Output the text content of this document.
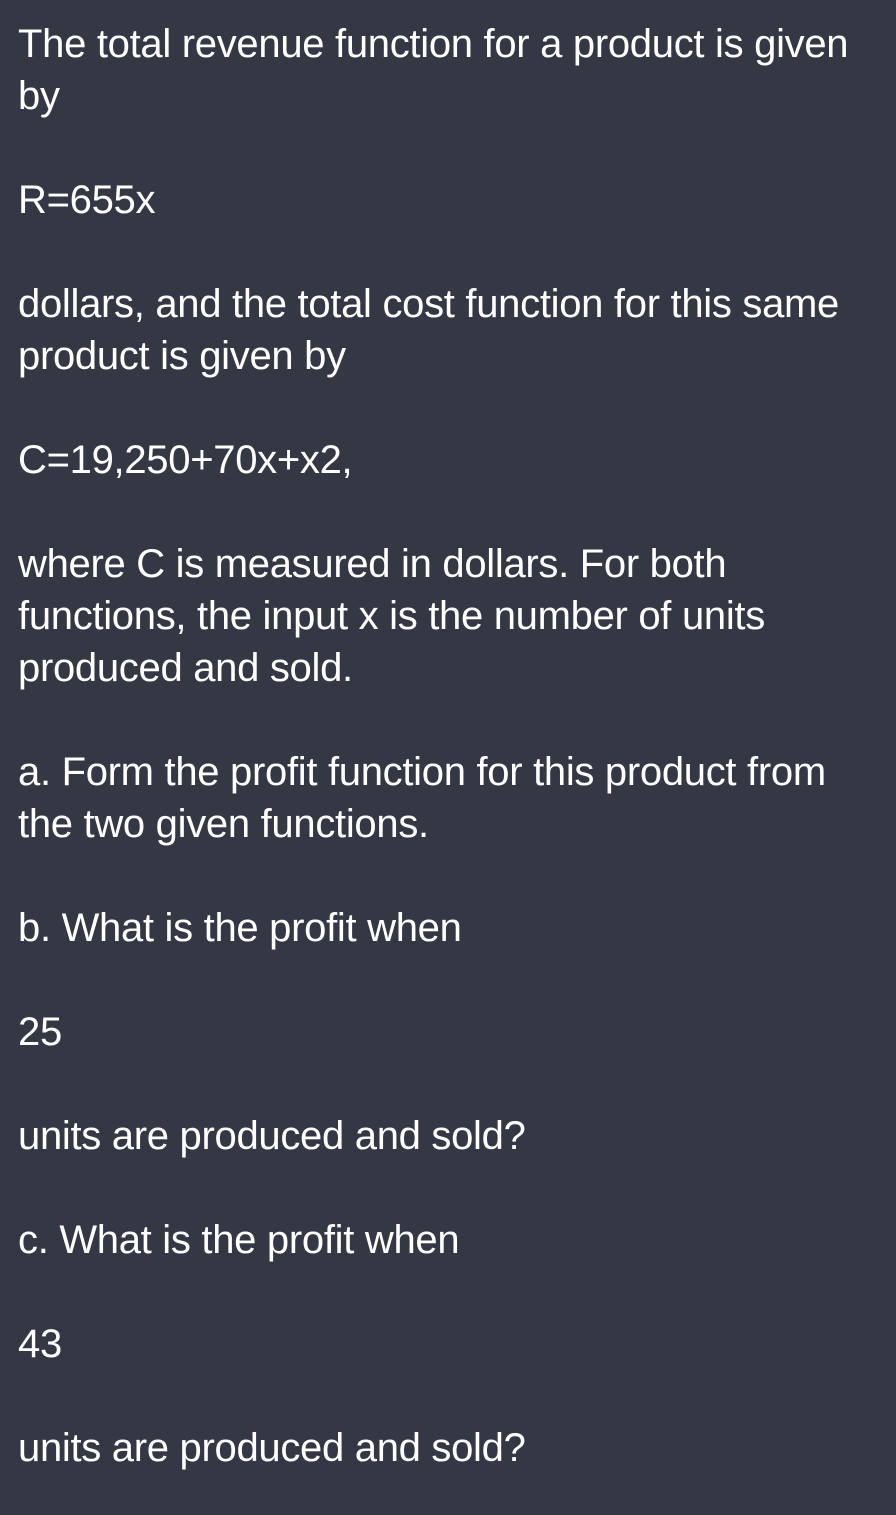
The total revenue function for a product is given by

R=655x

dollars, and the total cost function for this same product is given by

C=19,250+70x+x2,

where C is measured in dollars. For both functions, the input x is the number of units produced and sold.

a. Form the profit function for this product from the two given functions.

b. What is the profit when

25

units are produced and sold?

c. What is the profit when

43

units are produced and sold?
